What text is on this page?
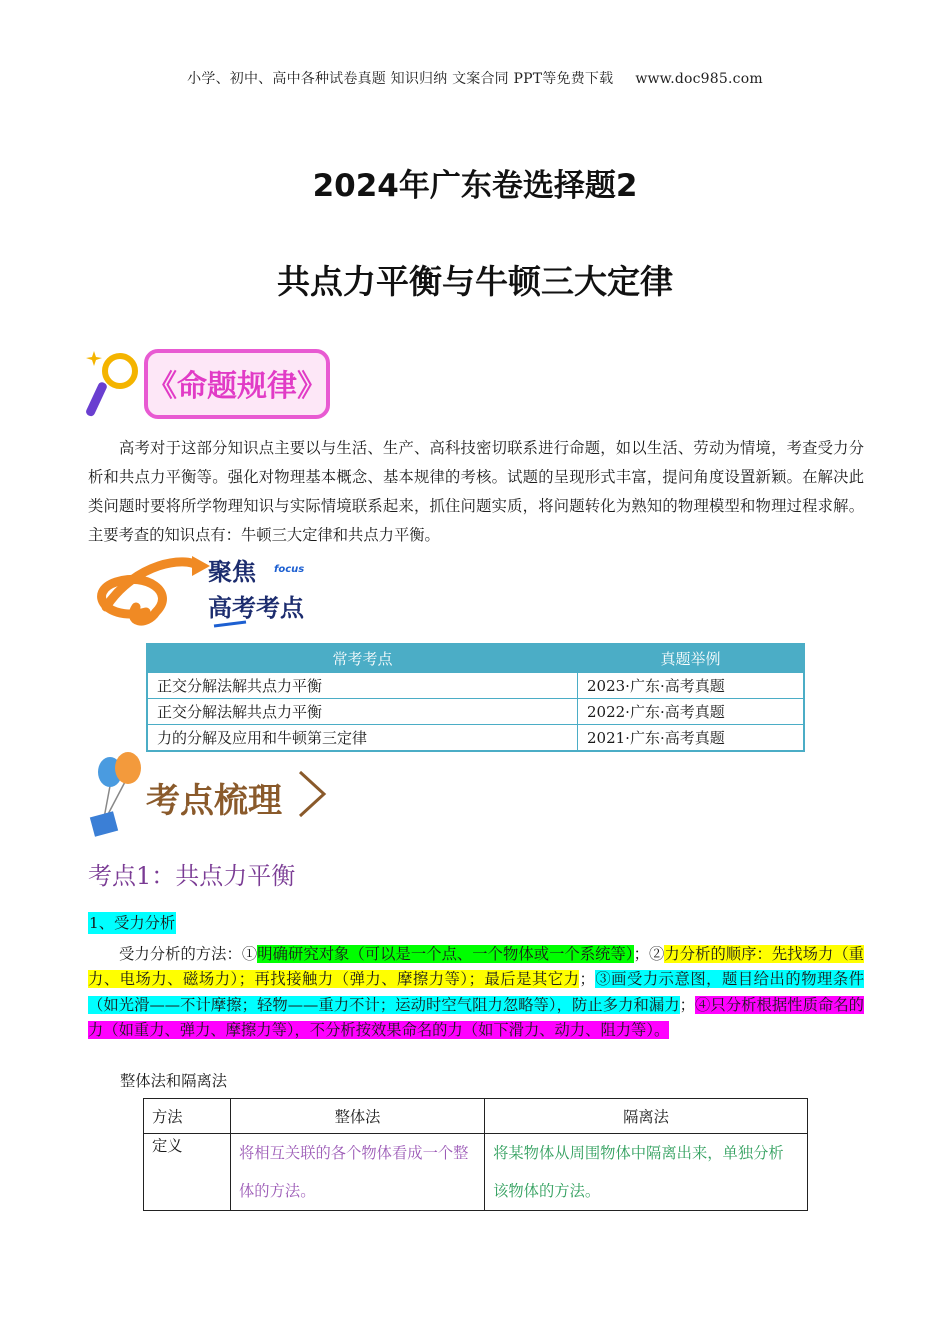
小学、初中、高中各种试卷真题 知识归纳 文案合同 PPT等免费下载 www.doc985.com
2024年广东卷选择题2
共点力平衡与牛顿三大定律
《命题规律》

高考对于这部分知识点主要以与生活、生产、高科技密切联系进行命题，如以生活、劳动为情境，考查受力分析和共点力平衡等。强化对物理基本概念、基本规律的考核。试题的呈现形式丰富，提问角度设置新颖。在解决此类问题时要将所学物理知识与实际情境联系起来，抓住问题实质，将问题转化为熟知的物理模型和物理过程求解。主要考查的知识点有：牛顿三大定律和共点力平衡。

聚焦 focus
高考考点
常考考点	真题举例
正交分解法解共点力平衡	2023·广东·高考真题
正交分解法解共点力平衡	2022·广东·高考真题
力的分解及应用和牛顿第三定律	2021·广东·高考真题
考点梳理
考点1：共点力平衡
1、受力分析

受力分析的方法：①明确研究对象（可以是一个点、一个物体或一个系统等）；②力分析的顺序：先找场力（重力、电场力、磁场力）；再找接触力（弹力、摩擦力等）；最后是其它力；③画受力示意图，题目给出的物理条件（如光滑——不计摩擦；轻物——重力不计；运动时空气阻力忽略等），防止多力和漏力；④只分析根据性质命名的力（如重力、弹力、摩擦力等），不分析按效果命名的力（如下滑力、动力、阻力等）。

整体法和隔离法
方法	整体法	隔离法
定义	将相互关联的各个物体看成一个整体的方法。	将某物体从周围物体中隔离出来，单独分析该物体的方法。
